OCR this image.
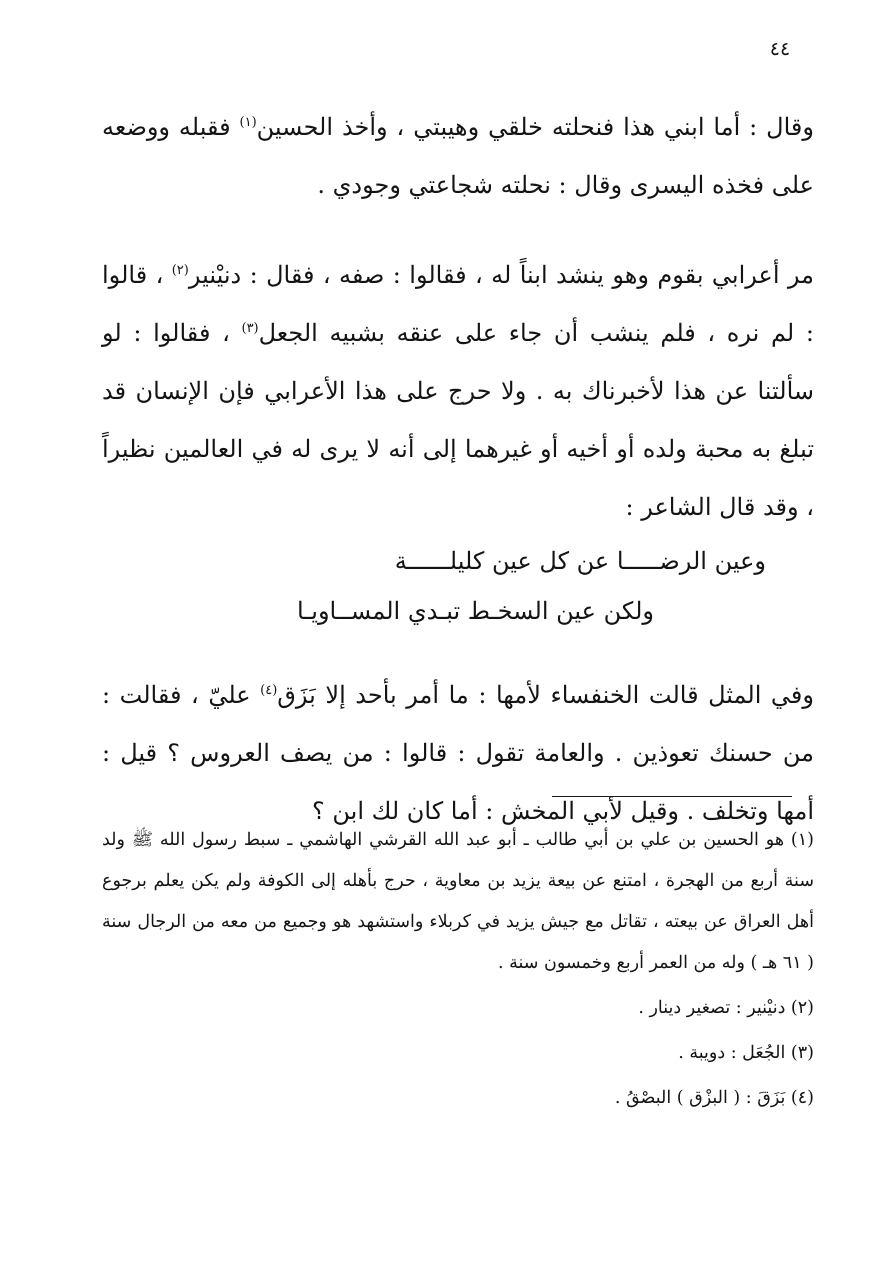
٤٤

وقال : أما ابني هذا فنحلته خلقي وهيبتي ، وأخذ الحسين$^{(١)}$ فقبله ووضعه على فخذه اليسرى وقال : نحلته شجاعتي وجودي .

مر أعرابي بقوم وهو ينشد ابناً له ، فقالوا : صفه ، فقال : دنيْنير$^{(٢)}$ ، قالوا : لم نره ، فلم ينشب أن جاء على عنقه بشبيه الجعل$^{(٣)}$ ، فقالوا : لو سألتنا عن هذا لأخبرناك به . ولا حرج على هذا الأعرابي فإن الإنسان قد تبلغ به محبة ولده أو أخيه أو غيرهما إلى أنه لا يرى له في العالمين نظيراً ، وقد قال الشاعر :

وعين الرضـــــا عن كل عين كليلــــــة

ولكن عين السخـط تبـدي المســاويـا

وفي المثل قالت الخنفساء لأمها : ما أمر بأحد إلا بَزَق$^{(٤)}$ عليّ ، فقالت : من حسنك تعوذين . والعامة تقول : قالوا : من يصف العروس ؟ قيل : أمها وتخلف . وقيل لأبي المخش : أما كان لك ابن ؟

(١) هو الحسين بن علي بن أبي طالب ـ أبو عبد الله القرشي الهاشمي ـ سبط رسول الله ﷺ ولد سنة أربع من الهجرة ، امتنع عن بيعة يزيد بن معاوية ، حرج بأهله إلى الكوفة ولم يكن يعلم برجوع أهل العراق عن بيعته ، تقاتل مع جيش يزيد في كربلاء واستشهد هو وجميع من معه من الرجال سنة ( ٦١ هـ ) وله من العمر أربع وخمسون سنة .

(٢) دنيْنير : تصغير دينار .

(٣) الجُعَل : دويبة .

(٤) بَزَقَ : ( البزْق ) البصْقُ .
